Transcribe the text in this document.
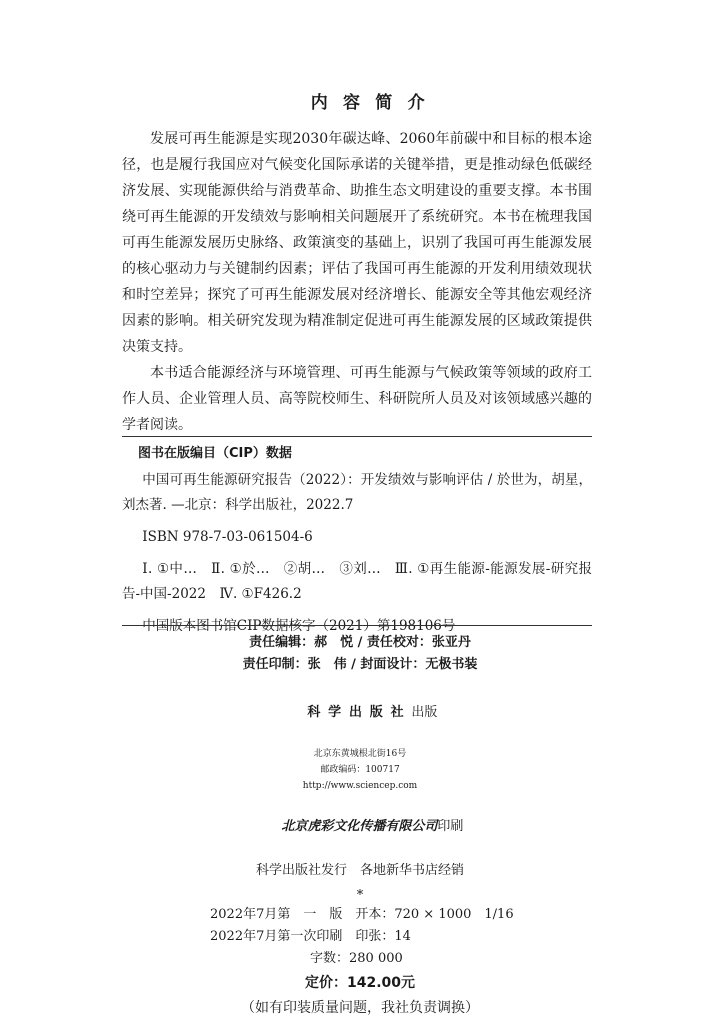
内容简介

发展可再生能源是实现2030年碳达峰、2060年前碳中和目标的根本途径，也是履行我国应对气候变化国际承诺的关键举措，更是推动绿色低碳经济发展、实现能源供给与消费革命、助推生态文明建设的重要支撑。本书围绕可再生能源的开发绩效与影响相关问题展开了系统研究。本书在梳理我国可再生能源发展历史脉络、政策演变的基础上，识别了我国可再生能源发展的核心驱动力与关键制约因素；评估了我国可再生能源的开发利用绩效现状和时空差异；探究了可再生能源发展对经济增长、能源安全等其他宏观经济因素的影响。相关研究发现为精准制定促进可再生能源发展的区域政策提供决策支持。

本书适合能源经济与环境管理、可再生能源与气候政策等领域的政府工作人员、企业管理人员、高等院校师生、科研院所人员及对该领域感兴趣的学者阅读。

图书在版编目（CIP）数据

中国可再生能源研究报告（2022）：开发绩效与影响评估 / 於世为，胡星，刘杰著. —北京：科学出版社，2022.7

ISBN 978-7-03-061504-6

Ⅰ. ①中…　Ⅱ. ①於…　②胡…　③刘…　Ⅲ. ①再生能源-能源发展-研究报告-中国-2022　Ⅳ. ①F426.2

中国版本图书馆CIP数据核字（2021）第198106号

责任编辑：郝　悦 / 责任校对：张亚丹
责任印制：张　伟 / 封面设计：无极书装

科学出版社出版

北京东黄城根北街16号
邮政编码：100717
http://www.sciencep.com

北京虎彩文化传播有限公司印刷

科学出版社发行　各地新华书店经销
*
2022年7月第　一　版　开本：720 × 1000　1/16
2022年7月第一次印刷　印张：14
字数：280 000
定价：142.00元
（如有印装质量问题，我社负责调换）
